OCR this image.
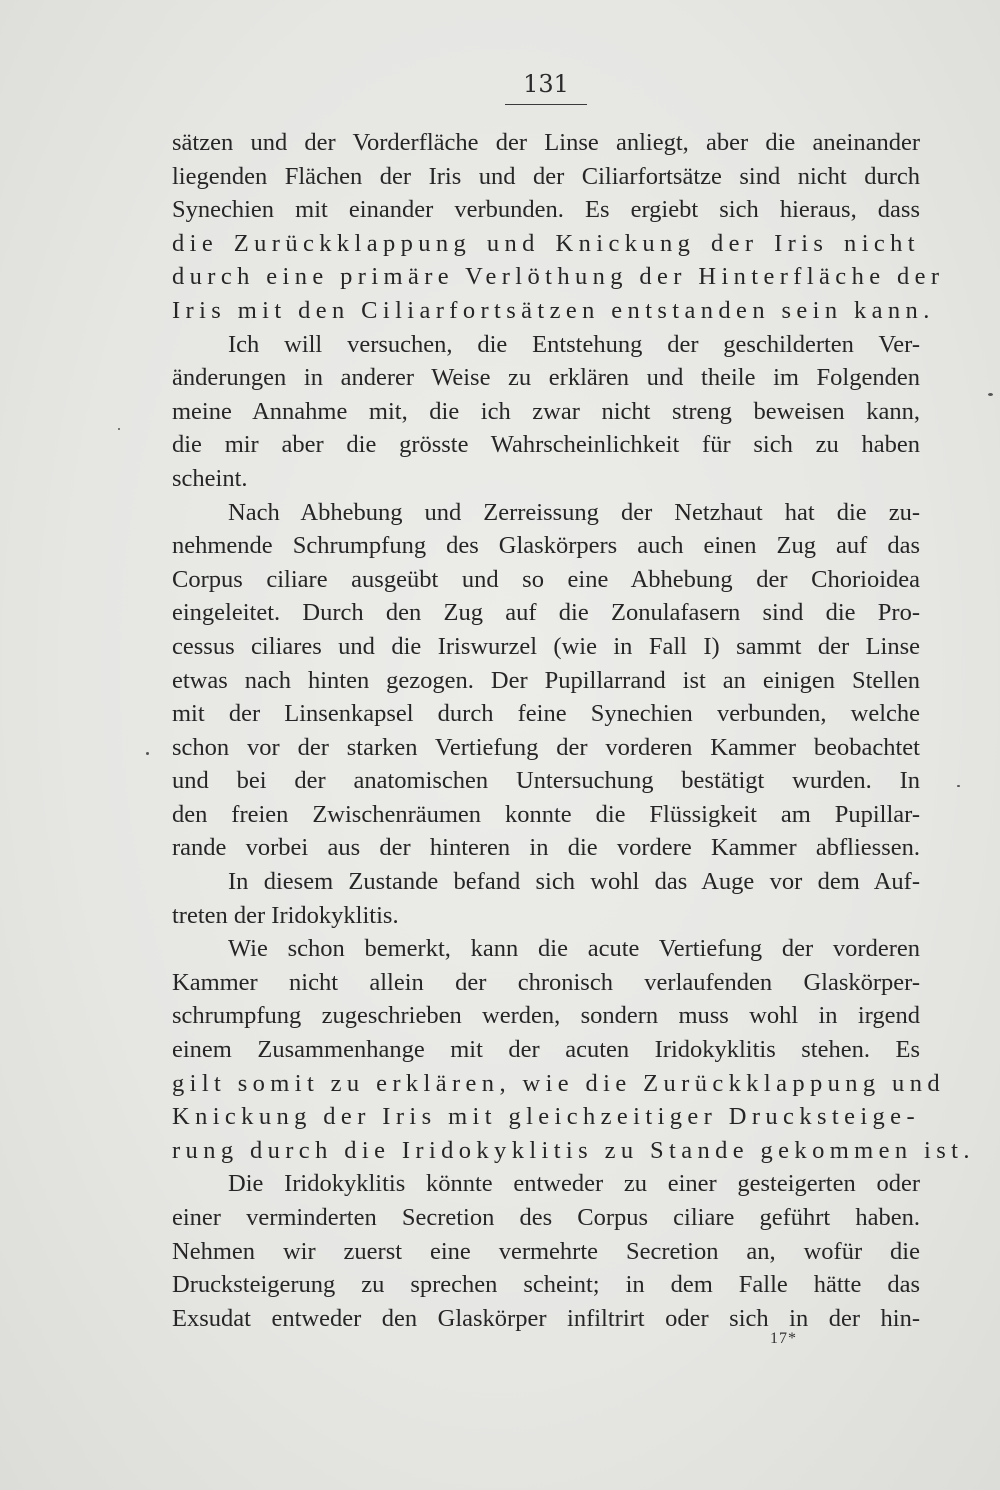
131
sätzen und der Vorderfläche der Linse anliegt, aber die aneinander
liegenden Flächen der Iris und der Ciliarfortsätze sind nicht durch
Synechien mit einander verbunden. Es ergiebt sich hieraus, dass
die Zurückklappung und Knickung der Iris nicht
durch eine primäre Verlöthung der Hinterfläche der
Iris mit den Ciliarfortsätzen entstanden sein kann.
Ich will versuchen, die Entstehung der geschilderten Ver-
änderungen in anderer Weise zu erklären und theile im Folgenden
meine Annahme mit, die ich zwar nicht streng beweisen kann,
die mir aber die grösste Wahrscheinlichkeit für sich zu haben
scheint.
Nach Abhebung und Zerreissung der Netzhaut hat die zu-
nehmende Schrumpfung des Glaskörpers auch einen Zug auf das
Corpus ciliare ausgeübt und so eine Abhebung der Chorioidea
eingeleitet. Durch den Zug auf die Zonulafasern sind die Pro-
cessus ciliares und die Iriswurzel (wie in Fall I) sammt der Linse
etwas nach hinten gezogen. Der Pupillarrand ist an einigen Stellen
mit der Linsenkapsel durch feine Synechien verbunden, welche
schon vor der starken Vertiefung der vorderen Kammer beobachtet
und bei der anatomischen Untersuchung bestätigt wurden. In
den freien Zwischenräumen konnte die Flüssigkeit am Pupillar-
rande vorbei aus der hinteren in die vordere Kammer abfliessen.
In diesem Zustande befand sich wohl das Auge vor dem Auf-
treten der Iridokyklitis.
Wie schon bemerkt, kann die acute Vertiefung der vorderen
Kammer nicht allein der chronisch verlaufenden Glaskörper-
schrumpfung zugeschrieben werden, sondern muss wohl in irgend
einem Zusammenhange mit der acuten Iridokyklitis stehen. Es
gilt somit zu erklären, wie die Zurückklappung und
Knickung der Iris mit gleichzeitiger Drucksteige-
rung durch die Iridokyklitis zu Stande gekommen ist.
Die Iridokyklitis könnte entweder zu einer gesteigerten oder
einer verminderten Secretion des Corpus ciliare geführt haben.
Nehmen wir zuerst eine vermehrte Secretion an, wofür die
Drucksteigerung zu sprechen scheint; in dem Falle hätte das
Exsudat entweder den Glaskörper infiltrirt oder sich in der hin-
17*
